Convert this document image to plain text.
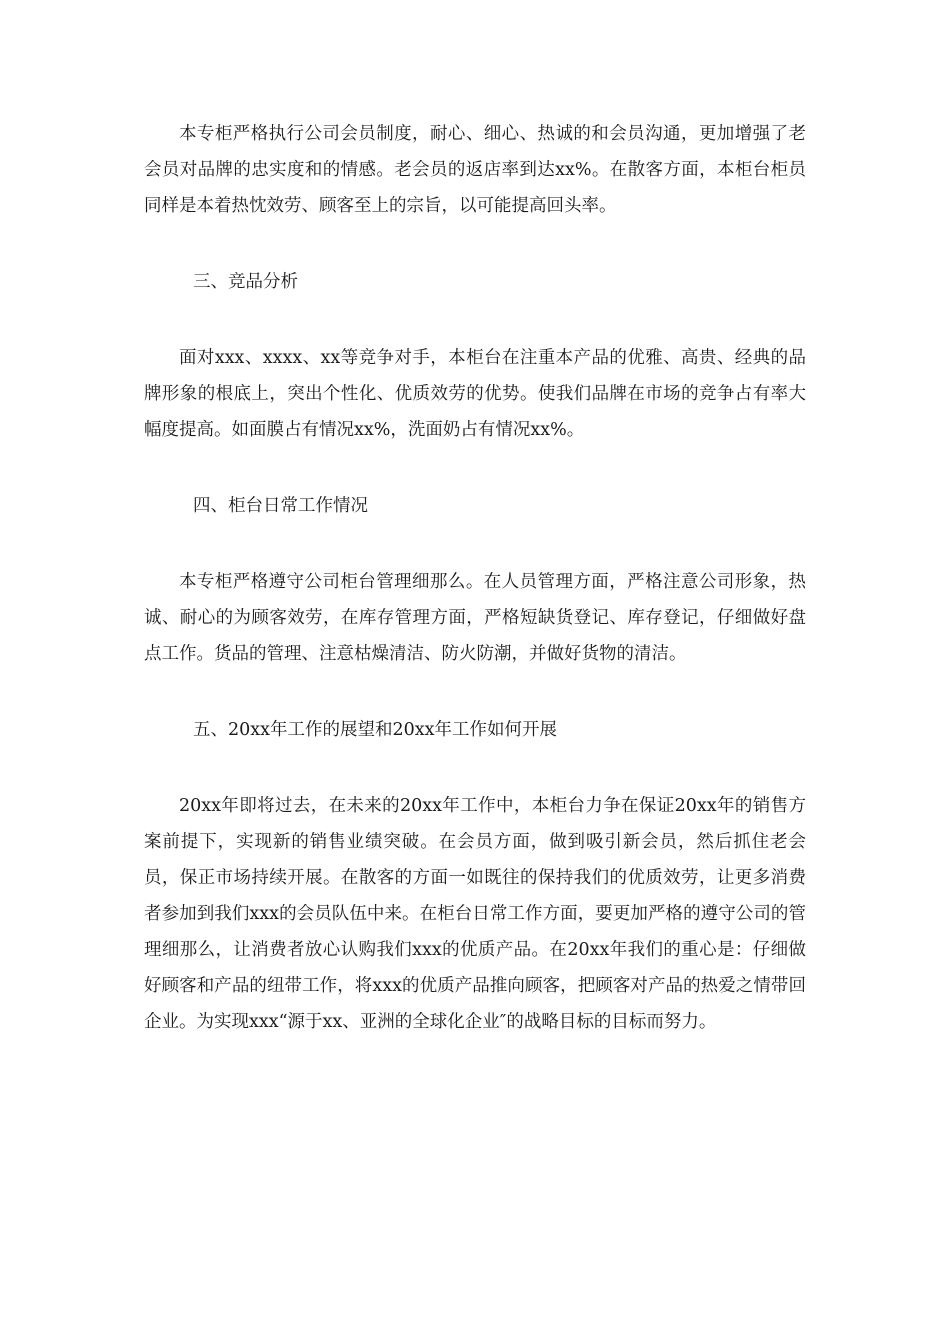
本专柜严格执行公司会员制度，耐心、细心、热诚的和会员沟通，更加增强了老会员对品牌的忠实度和的情感。老会员的返店率到达xx%。在散客方面，本柜台柜员同样是本着热忱效劳、顾客至上的宗旨，以可能提高回头率。

三、竞品分析

面对xxx、xxxx、xx等竞争对手，本柜台在注重本产品的优雅、高贵、经典的品牌形象的根底上，突出个性化、优质效劳的优势。使我们品牌在市场的竞争占有率大幅度提高。如面膜占有情况xx%，洗面奶占有情况xx%。

四、柜台日常工作情况

本专柜严格遵守公司柜台管理细那么。在人员管理方面，严格注意公司形象，热诚、耐心的为顾客效劳，在库存管理方面，严格短缺货登记、库存登记，仔细做好盘点工作。货品的管理、注意枯燥清洁、防火防潮，并做好货物的清洁。

五、20xx年工作的展望和20xx年工作如何开展

20xx年即将过去，在未来的20xx年工作中，本柜台力争在保证20xx年的销售方案前提下，实现新的销售业绩突破。在会员方面，做到吸引新会员，然后抓住老会员，保正市场持续开展。在散客的方面一如既往的保持我们的优质效劳，让更多消费者参加到我们xxx的会员队伍中来。在柜台日常工作方面，要更加严格的遵守公司的管理细那么，让消费者放心认购我们xxx的优质产品。在20xx年我们的重心是：仔细做好顾客和产品的纽带工作，将xxx的优质产品推向顾客，把顾客对产品的热爱之情带回企业。为实现xxx“源于xx、亚洲的全球化企业″的战略目标的目标而努力。
